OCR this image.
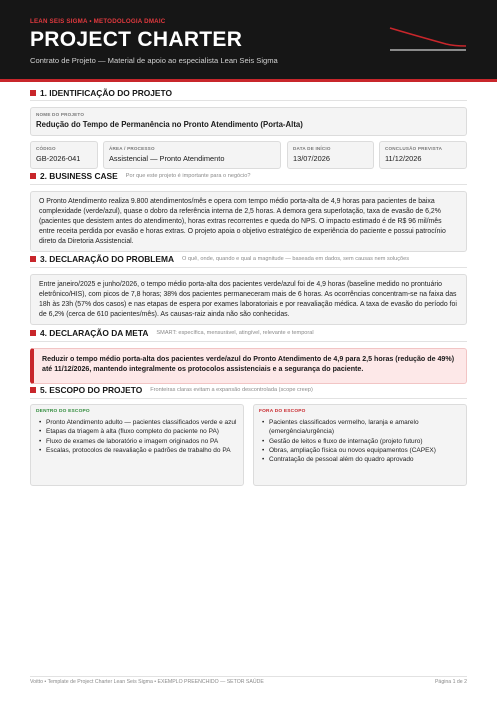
LEAN SEIS SIGMA • METODOLOGIA DMAIC
PROJECT CHARTER
Contrato de Projeto — Material de apoio ao especialista Lean Seis Sigma
1. IDENTIFICAÇÃO DO PROJETO
NOME DO PROJETO
Redução do Tempo de Permanência no Pronto Atendimento (Porta-Alta)
CÓDIGO
GB-2026-041
ÁREA / PROCESSO
Assistencial — Pronto Atendimento
DATA DE INÍCIO
13/07/2026
CONCLUSÃO PREVISTA
11/12/2026
2. BUSINESS CASE Por que este projeto é importante para o negócio?

O Pronto Atendimento realiza 9.800 atendimentos/mês e opera com tempo médio porta-alta de 4,9 horas para pacientes de baixa complexidade (verde/azul), quase o dobro da referência interna de 2,5 horas. A demora gera superlotação, taxa de evasão de 6,2% (pacientes que desistem antes do atendimento), horas extras recorrentes e queda do NPS. O impacto estimado é de R$ 96 mil/mês entre receita perdida por evasão e horas extras. O projeto apoia o objetivo estratégico de experiência do paciente e possui patrocínio direto da Diretoria Assistencial.

3. DECLARAÇÃO DO PROBLEMA O quê, onde, quando e qual a magnitude — baseada em dados, sem causas nem soluções

Entre janeiro/2025 e junho/2026, o tempo médio porta-alta dos pacientes verde/azul foi de 4,9 horas (baseline medido no prontuário eletrônico/HIS), com picos de 7,8 horas; 38% dos pacientes permaneceram mais de 6 horas. As ocorrências concentram-se na faixa das 18h às 23h (57% dos casos) e nas etapas de espera por exames laboratoriais e por reavaliação médica. A taxa de evasão do período foi de 6,2% (cerca de 610 pacientes/mês). As causas-raiz ainda não são conhecidas.

4. DECLARAÇÃO DA META SMART: específica, mensurável, atingível, relevante e temporal

Reduzir o tempo médio porta-alta dos pacientes verde/azul do Pronto Atendimento de 4,9 para 2,5 horas (redução de 49%) até 11/12/2026, mantendo integralmente os protocolos assistenciais e a segurança do paciente.

5. ESCOPO DO PROJETO Fronteiras claras evitam a expansão descontrolada (scope creep)
DENTRO DO ESCOPO
• Pronto Atendimento adulto — pacientes classificados verde e azul
• Etapas da triagem à alta (fluxo completo do paciente no PA)
• Fluxo de exames de laboratório e imagem originados no PA
• Escalas, protocolos de reavaliação e padrões de trabalho do PA
FORA DO ESCOPO
• Pacientes classificados vermelho, laranja e amarelo (emergência/urgência)
• Gestão de leitos e fluxo de internação (projeto futuro)
• Obras, ampliação física ou novos equipamentos (CAPEX)
• Contratação de pessoal além do quadro aprovado
Voitto • Template de Project Charter Lean Seis Sigma • EXEMPLO PREENCHIDO — SETOR SAÚDE	Página 1 de 2
